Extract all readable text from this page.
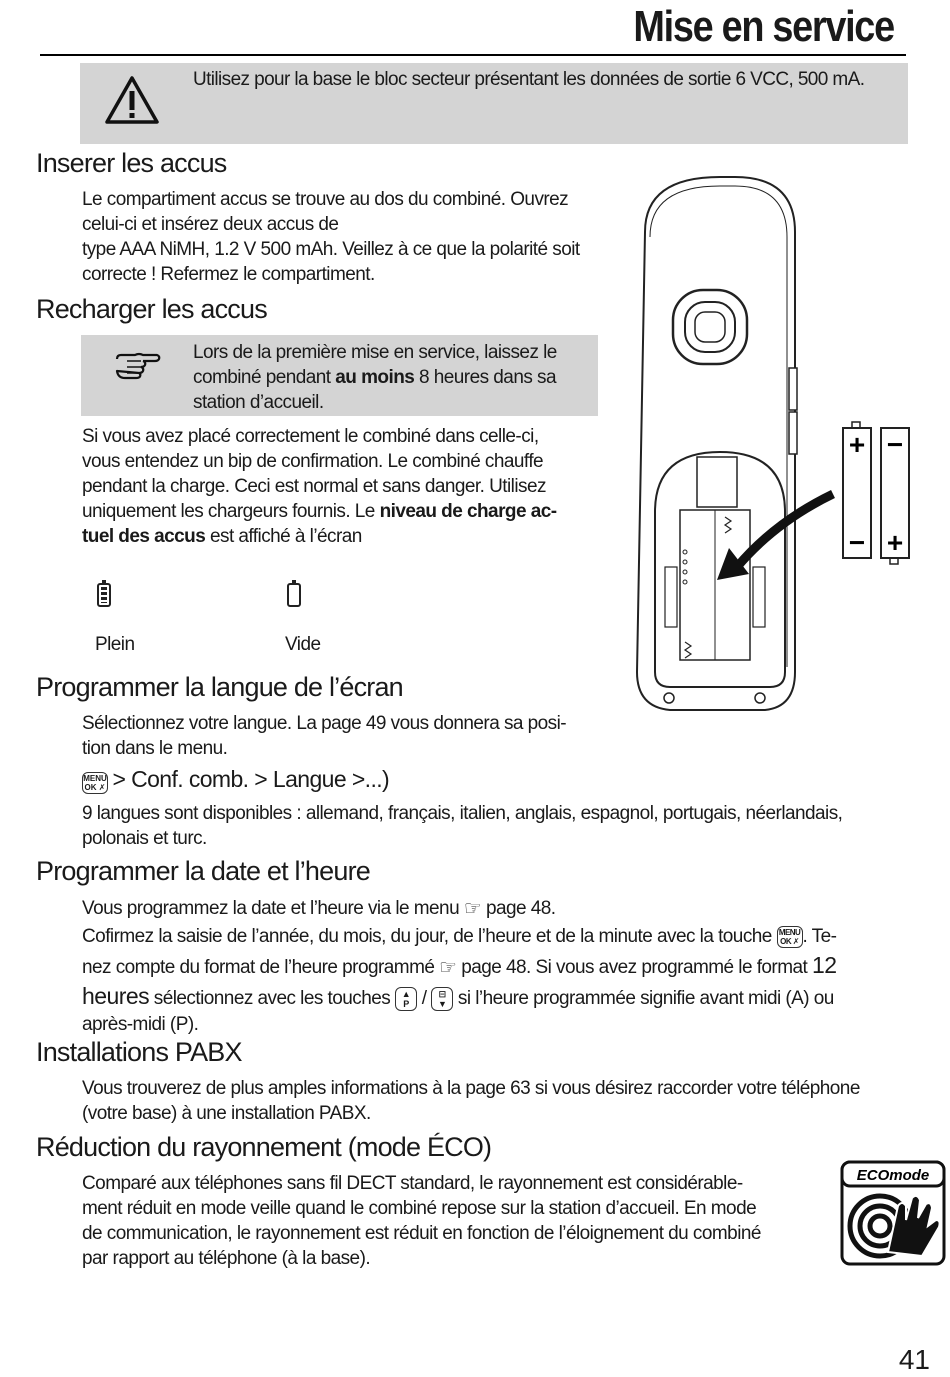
Mise en service
Utilisez pour la base le bloc secteur présentant les données de sortie 6 VCC, 500 mA.
Inserer les accus
Le compartiment accus se trouve au dos du combiné. Ouvrez
celui-ci et insérez deux accus de
type AAA NiMH, 1.2 V 500 mAh. Veillez à ce que la polarité soit
correcte ! Refermez le compartiment.
Recharger les accus
Lors de la première mise en service, laissez le
combiné pendant au moins 8 heures dans sa
station d’accueil.
Si vous avez placé correctement le combiné dans celle-ci,
vous entendez un bip de confirmation. Le combiné chauffe
pendant la charge. Ceci est normal et sans danger. Utilisez
uniquement les chargeurs fournis. Le niveau de charge ac-
tuel des accus est affiché à l’écran
Plein	Vide
+
−
−
+
Programmer la langue de l’écran
Sélectionnez votre langue. La page 49 vous donnera sa posi-
tion dans le menu.
MENU
OK ✗ > Conf. comb. > Langue >...)
9 langues sont disponibles : allemand, français, italien, anglais, espagnol, portugais, néerlandais,
polonais et turc.
Programmer la date et l’heure
Vous programmez la date et l’heure via le menu ☞ page 48.
Cofirmez la saisie de l’année, du mois, du jour, de l’heure et de la minute avec la touche MENU
OK ✗ . Te-
nez compte du format de l’heure programmé ☞ page 48. Si vous avez programmé le format 12
heures sélectionnez avec les touches ▲
P / ⊟
▼ si l’heure programmée signifie avant midi (A) ou
après-midi (P).
Installations PABX
Vous trouverez de plus amples informations à la page 63 si vous désirez raccorder votre téléphone
(votre base) à une installation PABX.
Réduction du rayonnement (mode ÉCO)
Comparé aux téléphones sans fil DECT standard, le rayonnement est considérable-
ment réduit en mode veille quand le combiné repose sur la station d’accueil. En mode
de communication, le rayonnement est réduit en fonction de l’éloignement du combiné
par rapport au téléphone (à la base).
ECOmode
41
